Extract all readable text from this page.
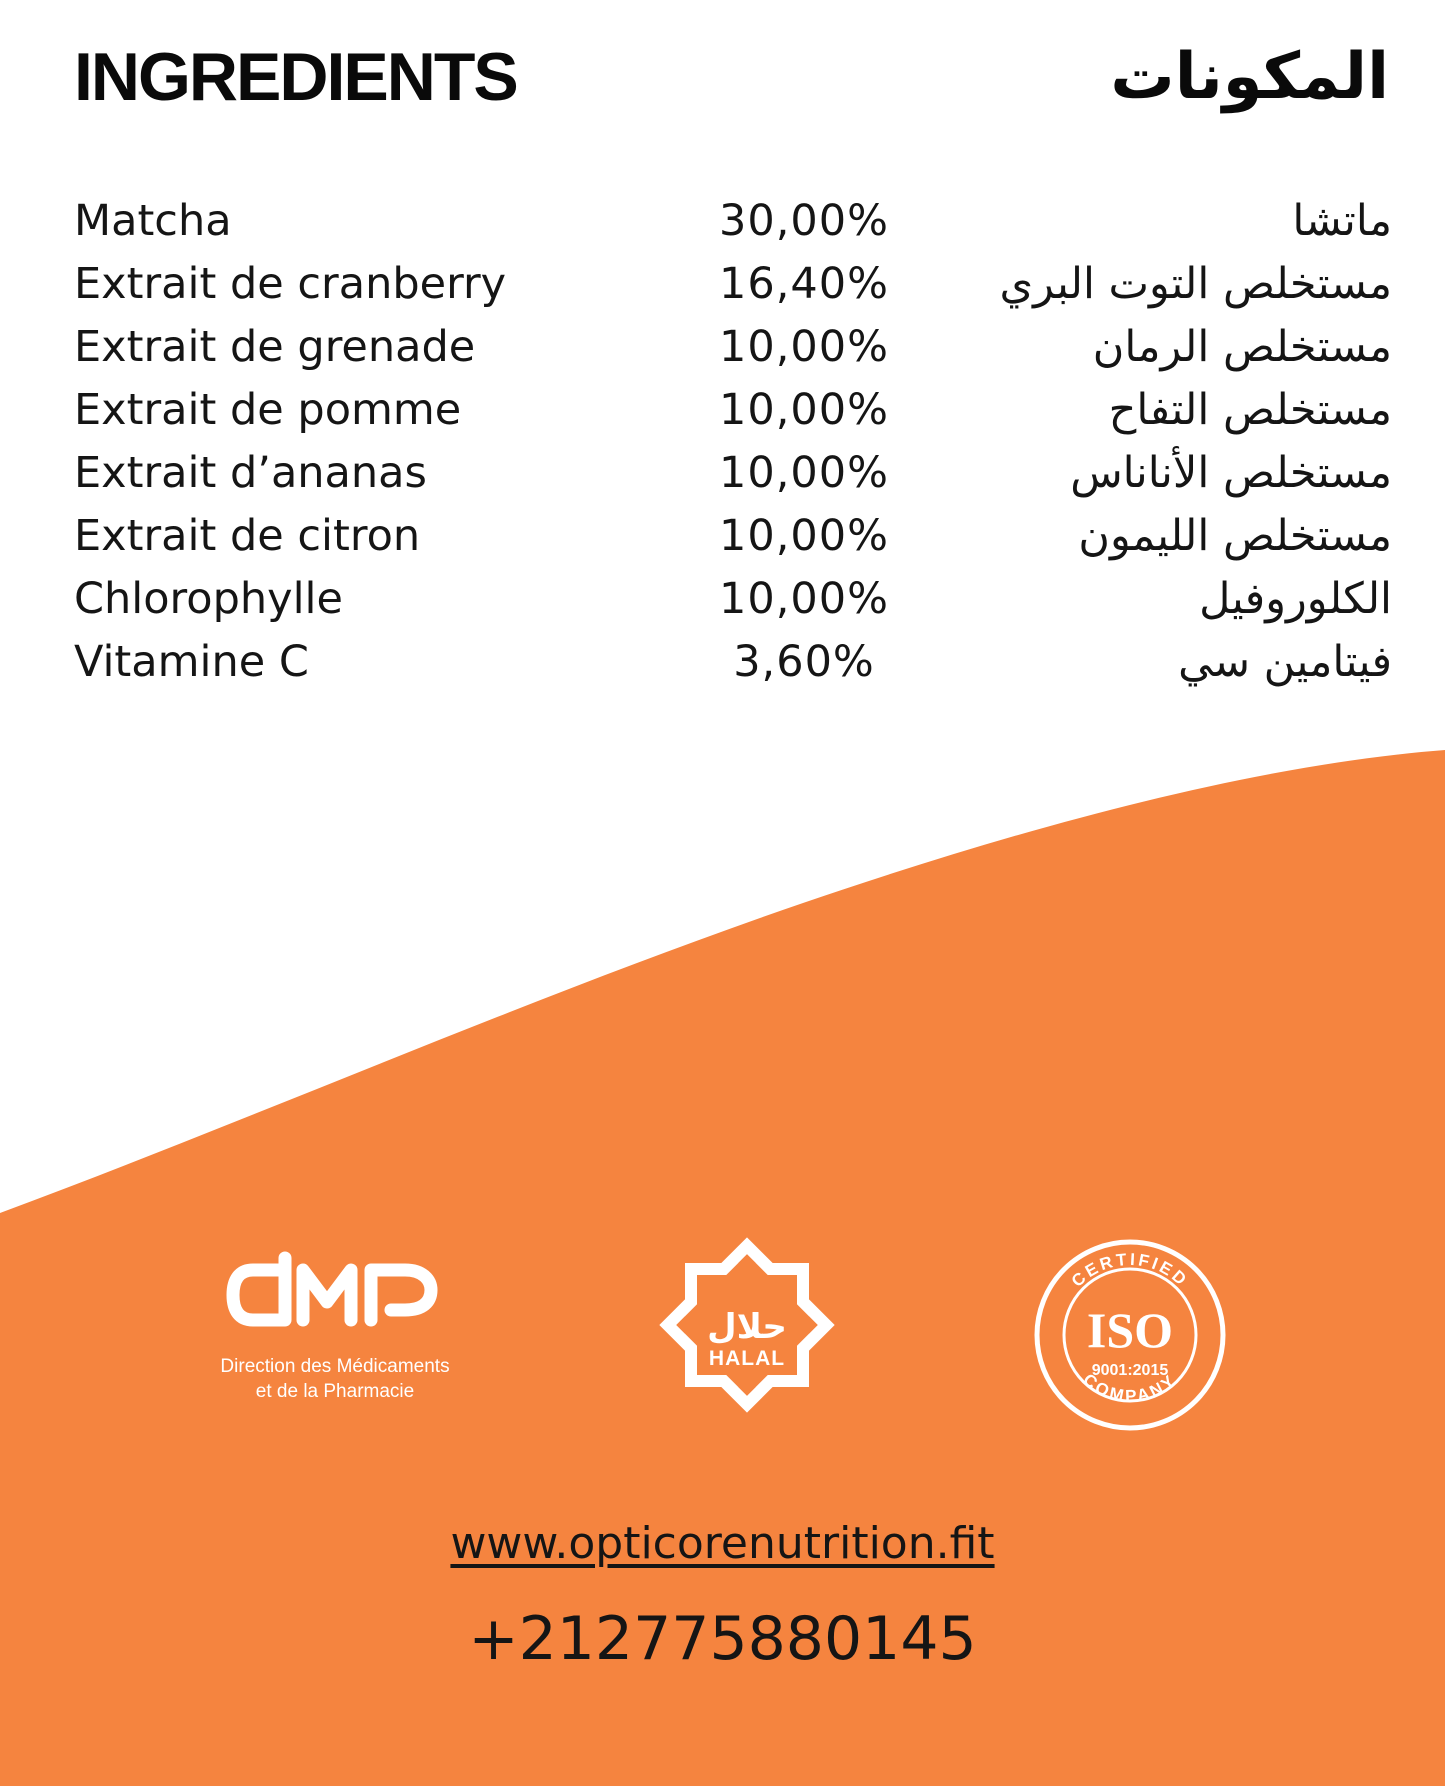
INGREDIENTS	المكونات
Matcha	30,00%	ماتشا
Extrait de cranberry	16,40%	مستخلص التوت البري
Extrait de grenade	10,00%	مستخلص الرمان
Extrait de pomme	10,00%	مستخلص التفاح
Extrait d’ananas	10,00%	مستخلص الأناناس
Extrait de citron	10,00%	مستخلص الليمون
Chlorophylle	10,00%	الكلوروفيل
Vitamine C	3,60%	فيتامين سي
Direction des Médicaments
et de la Pharmacie
حلال
HALAL
CERTIFIED
COMPANY
ISO
9001:2015
www.opticorenutrition.fit
+212775880145
